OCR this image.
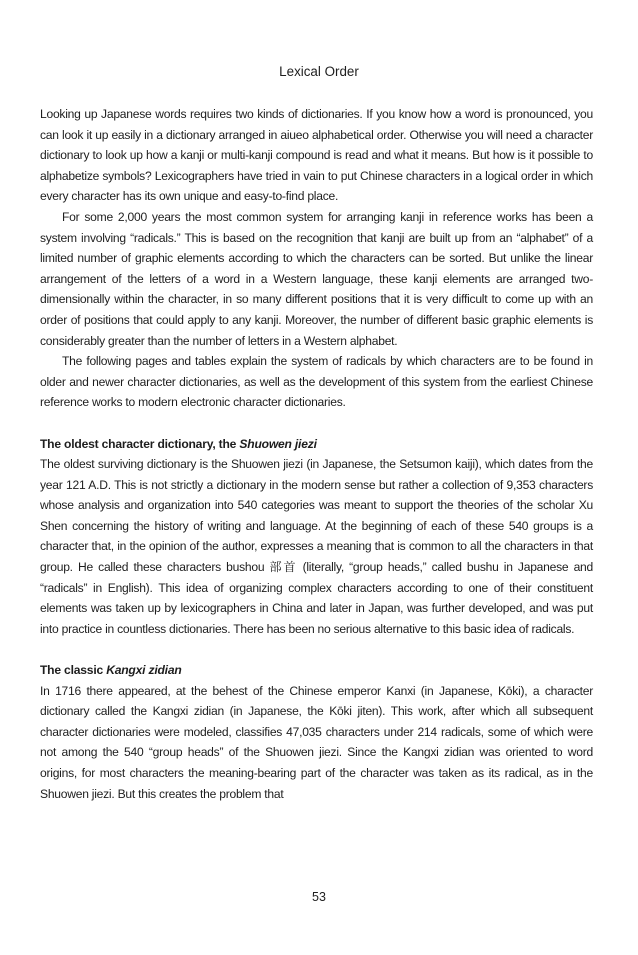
Lexical Order

Looking up Japanese words requires two kinds of dictionaries. If you know how a word is pronounced, you can look it up easily in a dictionary arranged in aiueo alphabetical order. Otherwise you will need a character dictionary to look up how a kanji or multi-kanji compound is read and what it means. But how is it possible to alphabetize symbols? Lexicographers have tried in vain to put Chinese characters in a logical order in which every character has its own unique and easy-to-find place.

For some 2,000 years the most common system for arranging kanji in reference works has been a system involving “radicals.” This is based on the recognition that kanji are built up from an “alphabet” of a limited number of graphic elements according to which the characters can be sorted. But unlike the linear arrangement of the letters of a word in a Western language, these kanji elements are arranged two-dimensionally within the character, in so many different positions that it is very difficult to come up with an order of positions that could apply to any kanji. Moreover, the number of different basic graphic elements is considerably greater than the number of letters in a Western alphabet.

The following pages and tables explain the system of radicals by which characters are to be found in older and newer character dictionaries, as well as the development of this system from the earliest Chinese reference works to modern electronic character dictionaries.

The oldest character dictionary, the Shuowen jiezi

The oldest surviving dictionary is the Shuowen jiezi (in Japanese, the Setsumon kaiji), which dates from the year 121 A.D. This is not strictly a dictionary in the modern sense but rather a collection of 9,353 characters whose analysis and organization into 540 categories was meant to support the theories of the scholar Xu Shen concerning the history of writing and language. At the beginning of each of these 540 groups is a character that, in the opinion of the author, expresses a meaning that is common to all the characters in that group. He called these characters bushou 部首 (literally, “group heads,” called bushu in Japanese and “radicals” in English). This idea of organizing complex characters according to one of their constituent elements was taken up by lexicographers in China and later in Japan, was further developed, and was put into practice in countless dictionaries. There has been no serious alternative to this basic idea of radicals.

The classic Kangxi zidian

In 1716 there appeared, at the behest of the Chinese emperor Kanxi (in Japanese, Kōki), a character dictionary called the Kangxi zidian (in Japanese, the Kōki jiten). This work, after which all subsequent character dictionaries were modeled, classifies 47,035 characters under 214 radicals, some of which were not among the 540 “group heads” of the Shuowen jiezi. Since the Kangxi zidian was oriented to word origins, for most characters the meaning-bearing part of the character was taken as its radical, as in the Shuowen jiezi. But this creates the problem that

53
